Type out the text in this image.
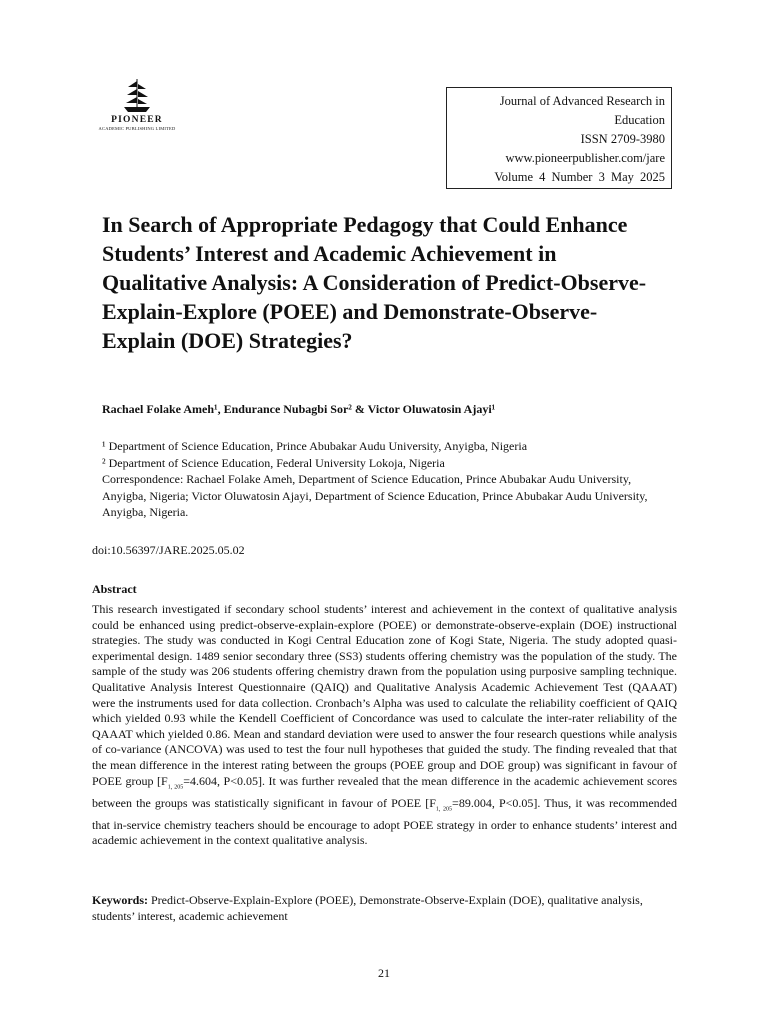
PIONEER
ACADEMIC PUBLISHING LIMITED
Journal of Advanced Research in Education
ISSN 2709-3980
www.pioneerpublisher.com/jare
Volume 4 Number 3 May 2025
In Search of Appropriate Pedagogy that Could Enhance Students’ Interest and Academic Achievement in Qualitative Analysis: A Consideration of Predict-Observe-Explain-Explore (POEE) and Demonstrate-Observe-Explain (DOE) Strategies?
Rachael Folake Ameh¹, Endurance Nubagbi Sor² & Victor Oluwatosin Ajayi¹

¹ Department of Science Education, Prince Abubakar Audu University, Anyigba, Nigeria

² Department of Science Education, Federal University Lokoja, Nigeria

Correspondence: Rachael Folake Ameh, Department of Science Education, Prince Abubakar Audu University, Anyigba, Nigeria; Victor Oluwatosin Ajayi, Department of Science Education, Prince Abubakar Audu University, Anyigba, Nigeria.

doi:10.56397/JARE.2025.05.02
Abstract

This research investigated if secondary school students’ interest and achievement in the context of qualitative analysis could be enhanced using predict-observe-explain-explore (POEE) or demonstrate-observe-explain (DOE) instructional strategies. The study was conducted in Kogi Central Education zone of Kogi State, Nigeria. The study adopted quasi-experimental design. 1489 senior secondary three (SS3) students offering chemistry was the population of the study. The sample of the study was 206 students offering chemistry drawn from the population using purposive sampling technique. Qualitative Analysis Interest Questionnaire (QAIQ) and Qualitative Analysis Academic Achievement Test (QAAAT) were the instruments used for data collection. Cronbach’s Alpha was used to calculate the reliability coefficient of QAIQ which yielded 0.93 while the Kendell Coefficient of Concordance was used to calculate the inter-rater reliability of the QAAAT which yielded 0.86. Mean and standard deviation were used to answer the four research questions while analysis of co-variance (ANCOVA) was used to test the four null hypotheses that guided the study. The finding revealed that that the mean difference in the interest rating between the groups (POEE group and DOE group) was significant in favour of POEE group [$F_{1, 205}=4.604$, P<0.05]. It was further revealed that the mean difference in the academic achievement scores between the groups was statistically significant in favour of POEE [$F_{1, 205}=89.004$, P<0.05]. Thus, it was recommended that in-service chemistry teachers should be encourage to adopt POEE strategy in order to enhance students’ interest and academic achievement in the context qualitative analysis.

Keywords: Predict-Observe-Explain-Explore (POEE), Demonstrate-Observe-Explain (DOE), qualitative analysis, students’ interest, academic achievement

21
